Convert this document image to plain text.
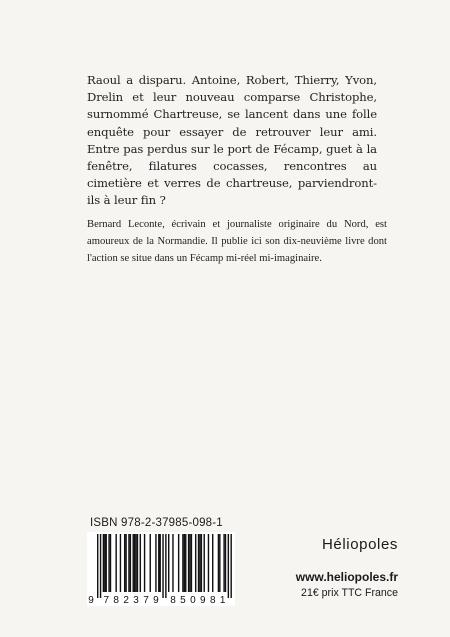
Raoul a disparu. Antoine, Robert, Thierry, Yvon, Drelin et leur nouveau comparse Christophe, surnommé Chartreuse, se lancent dans une folle enquête pour essayer de retrouver leur ami. Entre pas perdus sur le port de Fécamp, guet à la fenêtre, filatures cocasses, rencontres au cimetière et verres de chartreuse, parviendront-ils à leur fin ?

Bernard Leconte, écrivain et journaliste originaire du Nord, est amoureux de la Normandie. Il publie ici son dix-neuvième livre dont l'action se situe dans un Fécamp mi-réel mi-imaginaire.

ISBN 978-2-37985-098-1
9 7 8 2 3 7 9 8 5 0 9 8 1
Héliopoles
www.heliopoles.fr
21€ prix TTC France
